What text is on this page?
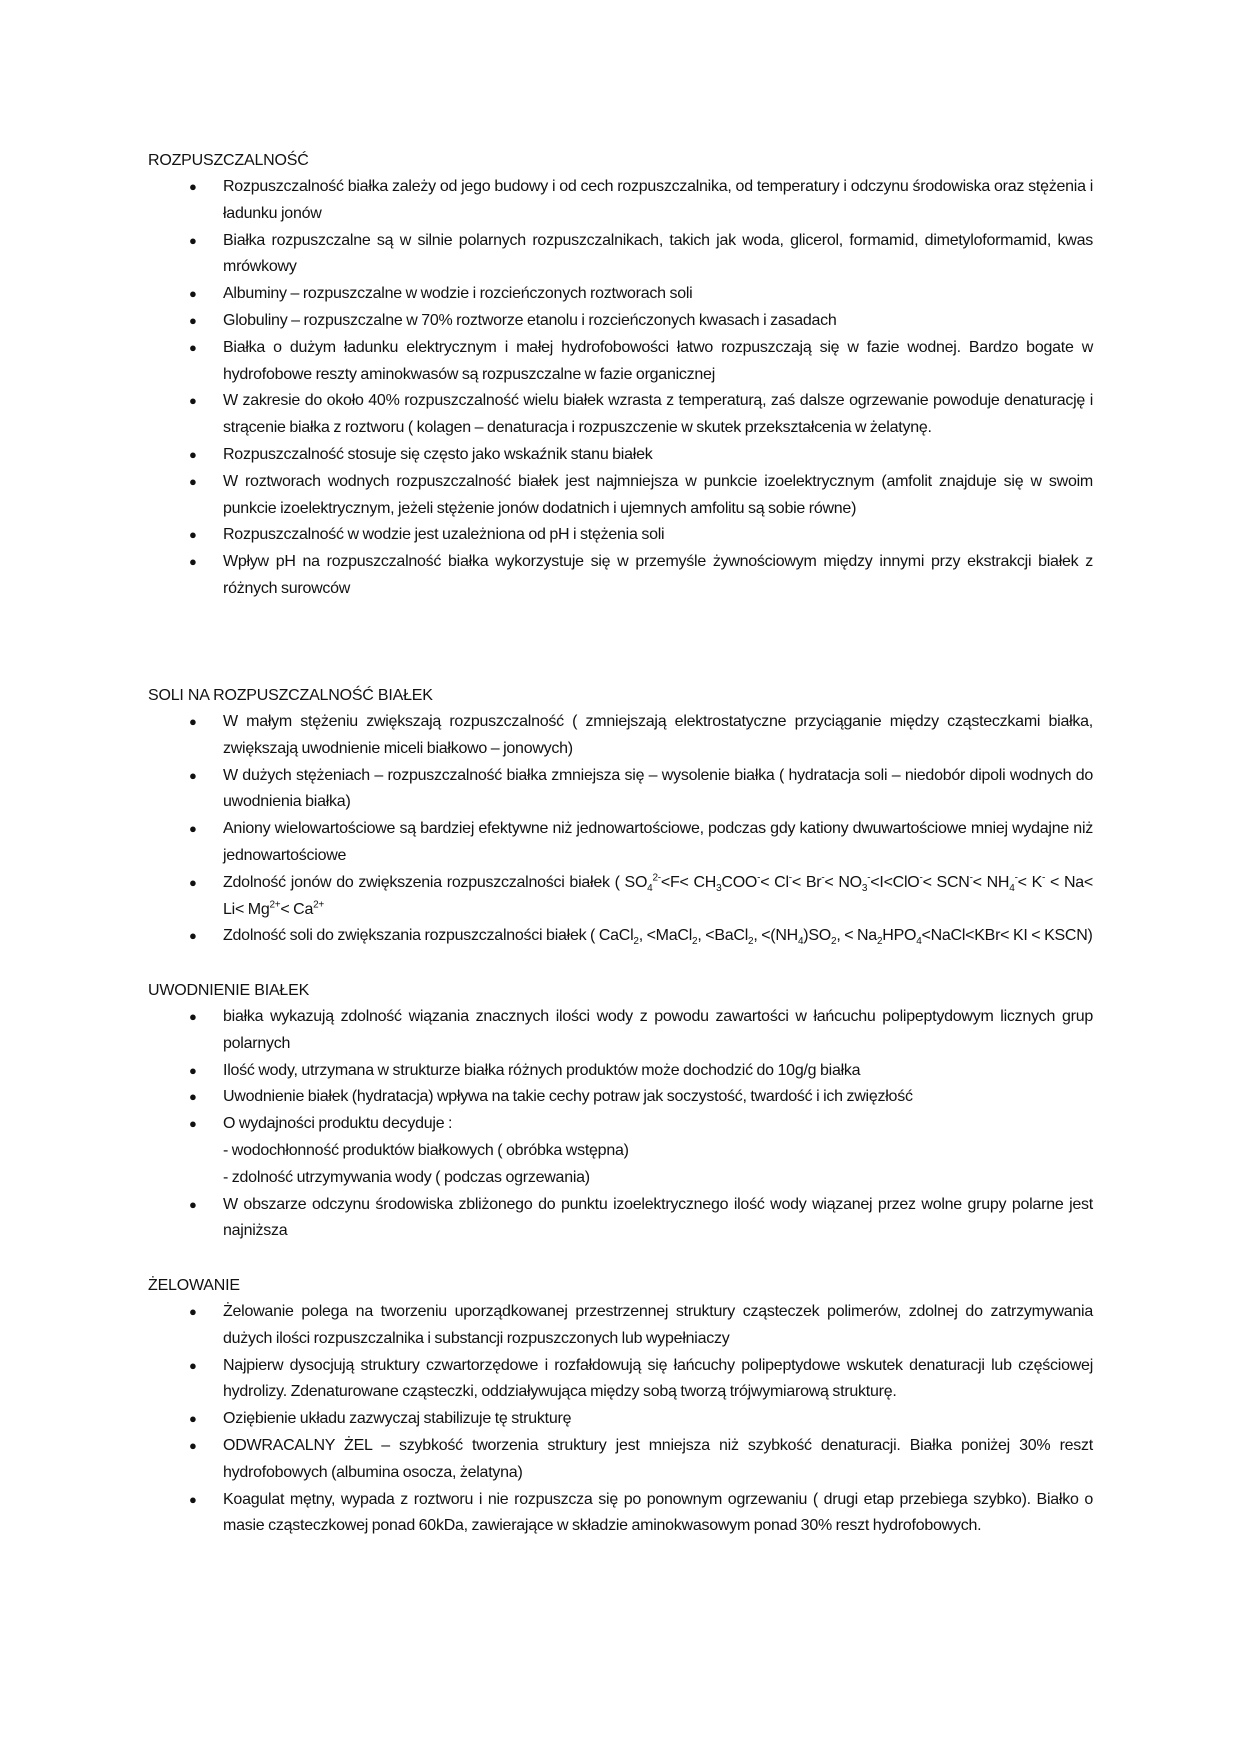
ROZPUSZCZALNOŚĆ
● Rozpuszczalność białka zależy od jego budowy i od cech rozpuszczalnika, od temperatury i odczynu środowiska oraz stężenia i ładunku jonów
● Białka rozpuszczalne są w silnie polarnych rozpuszczalnikach, takich jak woda, glicerol, formamid, dimetyloformamid, kwas mrówkowy
● Albuminy – rozpuszczalne w wodzie i rozcieńczonych roztworach soli
● Globuliny – rozpuszczalne w 70% roztworze etanolu i rozcieńczonych kwasach i zasadach
● Białka o dużym ładunku elektrycznym i małej hydrofobowości łatwo rozpuszczają się w fazie wodnej. Bardzo bogate w hydrofobowe reszty aminokwasów są rozpuszczalne w fazie organicznej
● W zakresie do około 40% rozpuszczalność wielu białek wzrasta z temperaturą, zaś dalsze ogrzewanie powoduje denaturację i strącenie białka z roztworu ( kolagen – denaturacja i rozpuszczenie w skutek przekształcenia w żelatynę.
● Rozpuszczalność stosuje się często jako wskaźnik stanu białek
● W roztworach wodnych rozpuszczalność białek jest najmniejsza w punkcie izoelektrycznym (amfolit znajduje się w swoim punkcie izoelektrycznym, jeżeli stężenie jonów dodatnich i ujemnych amfolitu są sobie równe)
● Rozpuszczalność w wodzie jest uzależniona od pH i stężenia soli
● Wpływ pH na rozpuszczalność białka wykorzystuje się w przemyśle żywnościowym między innymi przy ekstrakcji białek z różnych surowców
SOLI NA ROZPUSZCZALNOŚĆ BIAŁEK
● W małym stężeniu zwiększają rozpuszczalność ( zmniejszają elektrostatyczne przyciąganie między cząsteczkami białka, zwiększają uwodnienie miceli białkowo – jonowych)
● W dużych stężeniach – rozpuszczalność białka zmniejsza się – wysolenie białka ( hydratacja soli – niedobór dipoli wodnych do uwodnienia białka)
● Aniony wielowartościowe są bardziej efektywne niż jednowartościowe, podczas gdy kationy dwuwartościowe mniej wydajne niż jednowartościowe
● Zdolność jonów do zwiększenia rozpuszczalności białek ( $SO_4^{2-}<F< CH_3COO^-< Cl^-< Br^-< NO_3^-<I<ClO^-< SCN^-< NH_4^-< K^- < Na< Li< Mg^{2+}< Ca^{2+}$
● Zdolność soli do zwiększania rozpuszczalności białek ( CaCl$_2$, <MaCl$_2$, <BaCl$_2$, $<(NH_4)SO_2$, < $Na_2HPO_4<NaCl<KBr<$ KI < KSCN)
UWODNIENIE BIAŁEK
● białka wykazują zdolność wiązania znacznych ilości wody z powodu zawartości w łańcuchu polipeptydowym licznych grup polarnych
● Ilość wody, utrzymana w strukturze białka różnych produktów może dochodzić do 10g/g białka
● Uwodnienie białek (hydratacja) wpływa na takie cechy potraw jak soczystość, twardość i ich zwięzłość
● O wydajności produktu decyduje :
- wodochłonność produktów białkowych ( obróbka wstępna)
- zdolność utrzymywania wody ( podczas ogrzewania)
● W obszarze odczynu środowiska zbliżonego do punktu izoelektrycznego ilość wody wiązanej przez wolne grupy polarne jest najniższa
ŻELOWANIE
● Żelowanie polega na tworzeniu uporządkowanej przestrzennej struktury cząsteczek polimerów, zdolnej do zatrzymywania dużych ilości rozpuszczalnika i substancji rozpuszczonych lub wypełniaczy
● Najpierw dysocjują struktury czwartorzędowe i rozfałdowują się łańcuchy polipeptydowe wskutek denaturacji lub częściowej hydrolizy. Zdenaturowane cząsteczki, oddziaływująca między sobą tworzą trójwymiarową strukturę.
● Oziębienie układu zazwyczaj stabilizuje tę strukturę
● ODWRACALNY ŻEL – szybkość tworzenia struktury jest mniejsza niż szybkość denaturacji. Białka poniżej 30% reszt hydrofobowych (albumina osocza, żelatyna)
● Koagulat mętny, wypada z roztworu i nie rozpuszcza się po ponownym ogrzewaniu ( drugi etap przebiega szybko). Białko o masie cząsteczkowej ponad 60kDa, zawierające w składzie aminokwasowym ponad 30% reszt hydrofobowych.
